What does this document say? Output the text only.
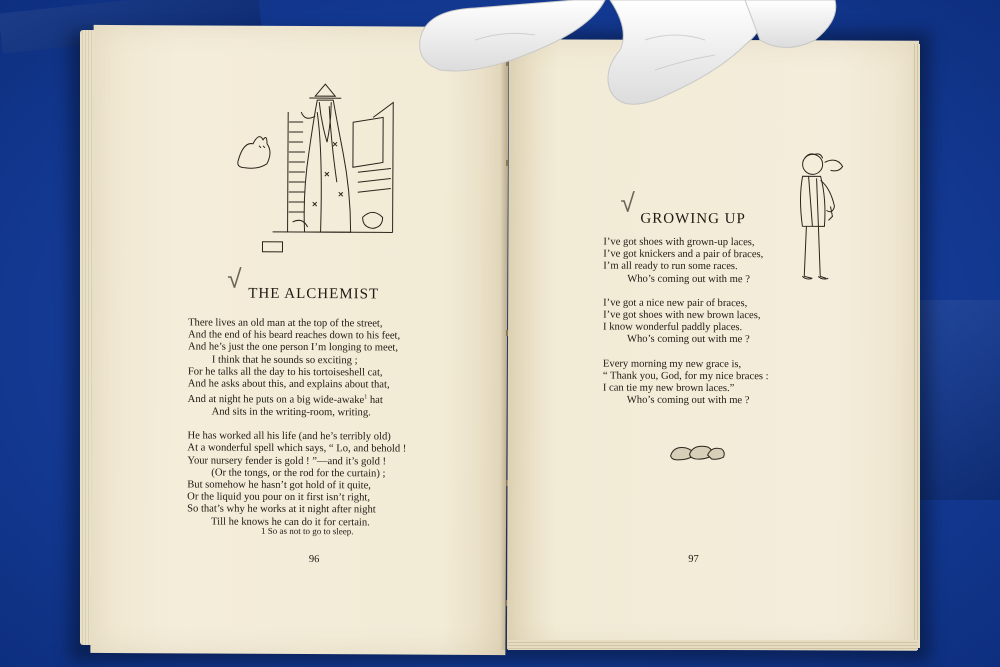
√ THE ALCHEMIST
There lives an old man at the top of the street,
And the end of his beard reaches down to his feet,
And he’s just the one person I’m longing to meet,
I think that he sounds so exciting ;
For he talks all the day to his tortoiseshell cat,
And he asks about this, and explains about that,
And at night he puts on a big wide-awake$^1$ hat
And sits in the writing-room, writing.
He has worked all his life (and he’s terribly old)
At a wonderful spell which says, “ Lo, and behold !
Your nursery fender is gold ! ”—and it’s gold !
(Or the tongs, or the rod for the curtain) ;
But somehow he hasn’t got hold of it quite,
Or the liquid you pour on it first isn’t right,
So that’s why he works at it night after night
Till he knows he can do it for certain.
1 So as not to go to sleep.
96
√
GROWING UP
I’ve got shoes with grown-up laces,
I’ve got knickers and a pair of braces,
I’m all ready to run some races.
Who’s coming out with me ?
I’ve got a nice new pair of braces,
I’ve got shoes with new brown laces,
I know wonderful paddly places.
Who’s coming out with me ?
Every morning my new grace is,
“ Thank you, God, for my nice braces :
I can tie my new brown laces.”
Who’s coming out with me ?
97
